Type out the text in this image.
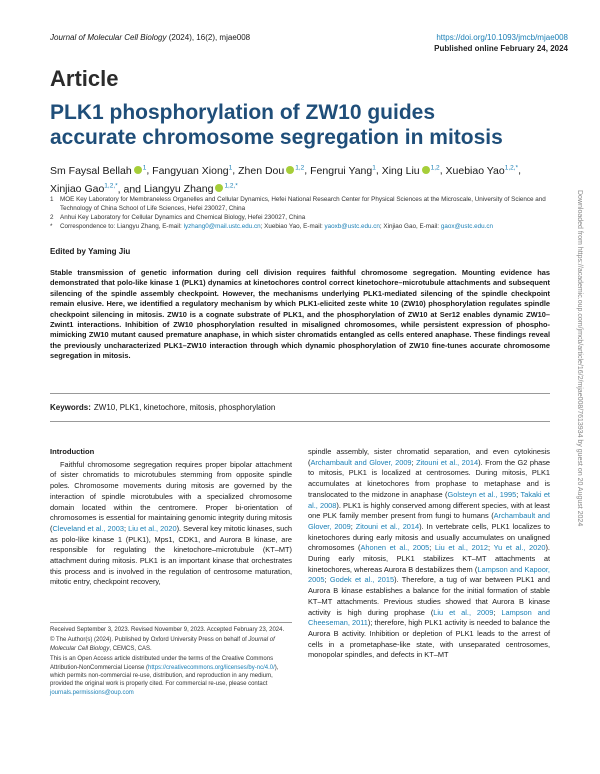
Journal of Molecular Cell Biology (2024), 16(2), mjae008	https://doi.org/10.1093/jmcb/mjae008
Published online February 24, 2024
Article
PLK1 phosphorylation of ZW10 guides accurate chromosome segregation in mitosis
Sm Faysal Bellah $^1$, Fangyuan Xiong$^1$, Zhen Dou $^{1,2}$, Fengrui Yang$^1$, Xing Liu $^{1,2}$, Xuebiao Yao$^{1,2,*}$, Xinjiao Gao$^{1,2,*}$, and Liangyu Zhang $^{1,2,*}$
1	MOE Key Laboratory for Membraneless Organelles and Cellular Dynamics, Hefei National Research Center for Physical Sciences at the Microscale, University of Science and Technology of China School of Life Sciences, Hefei 230027, China
2	Anhui Key Laboratory for Cellular Dynamics and Chemical Biology, Hefei 230027, China
*	Correspondence to: Liangyu Zhang, E-mail: lyzhang0@mail.ustc.edu.cn; Xuebiao Yao, E-mail: yaoxb@ustc.edu.cn; Xinjiao Gao, E-mail: gaox@ustc.edu.cn
Edited by Yaming Jiu

Stable transmission of genetic information during cell division requires faithful chromosome segregation. Mounting evidence has demonstrated that polo-like kinase 1 (PLK1) dynamics at kinetochores control correct kinetochore–microtubule attachments and subsequent silencing of the spindle assembly checkpoint. However, the mechanisms underlying PLK1-mediated silencing of the spindle checkpoint remain elusive. Here, we identified a regulatory mechanism by which PLK1-elicited zeste white 10 (ZW10) phosphorylation regulates spindle checkpoint silencing in mitosis. ZW10 is a cognate substrate of PLK1, and the phosphorylation of ZW10 at Ser12 enables dynamic ZW10–Zwint1 interactions. Inhibition of ZW10 phosphorylation resulted in misaligned chromosomes, while persistent expression of phospho-mimicking ZW10 mutant caused premature anaphase, in which sister chromatids entangled as cells entered anaphase. These findings reveal the previously uncharacterized PLK1–ZW10 interaction through which dynamic phosphorylation of ZW10 fine-tunes accurate chromosome segregation in mitosis.

Keywords: ZW10, PLK1, kinetochore, mitosis, phosphorylation
Introduction

Faithful chromosome segregation requires proper bipolar attachment of sister chromatids to microtubules stemming from opposite spindle poles. Chromosome movements during mitosis are governed by the interaction of spindle microtubules with a specialized chromosome domain located within the centromere. Proper bi-orientation of chromosomes is essential for maintaining genomic integrity during mitosis (Cleveland et al., 2003; Liu et al., 2020). Several key mitotic kinases, such as polo-like kinase 1 (PLK1), Mps1, CDK1, and Aurora B kinase, are responsible for regulating the kinetochore–microtubule (KT–MT) attachment during mitosis. PLK1 is an important kinase that orchestrates this process and is involved in the regulation of centrosome maturation, mitotic entry, checkpoint recovery,

Received September 3, 2023. Revised November 9, 2023. Accepted February 23, 2024.

© The Author(s) (2024). Published by Oxford University Press on behalf of Journal of Molecular Cell Biology, CEMCS, CAS.

This is an Open Access article distributed under the terms of the Creative Commons Attribution-NonCommercial License (https://creativecommons.org/licenses/by-nc/4.0/), which permits non-commercial re-use, distribution, and reproduction in any medium, provided the original work is properly cited. For commercial re-use, please contact journals.permissions@oup.com

spindle assembly, sister chromatid separation, and even cytokinesis (Archambault and Glover, 2009; Zitouni et al., 2014). From the G2 phase to mitosis, PLK1 is localized at centrosomes. During mitosis, PLK1 accumulates at kinetochores from prophase to metaphase and is translocated to the midzone in anaphase (Golsteyn et al., 1995; Takaki et al., 2008). PLK1 is highly conserved among different species, with at least one PLK family member present from fungi to humans (Archambault and Glover, 2009; Zitouni et al., 2014). In vertebrate cells, PLK1 localizes to kinetochores during early mitosis and usually accumulates on unaligned chromosomes (Ahonen et al., 2005; Liu et al., 2012; Yu et al., 2020). During early mitosis, PLK1 stabilizes KT–MT attachments at kinetochores, whereas Aurora B destabilizes them (Lampson and Kapoor, 2005; Godek et al., 2015). Therefore, a tug of war between PLK1 and Aurora B kinase establishes a balance for the initial formation of stable KT–MT attachments. Previous studies showed that Aurora B kinase activity is high during prophase (Liu et al., 2009; Lampson and Cheeseman, 2011); therefore, high PLK1 activity is needed to balance the Aurora B activity. Inhibition or depletion of PLK1 leads to the arrest of cells in a prometaphase-like state, with unseparated centrosomes, monopolar spindles, and defects in KT–MT

Downloaded from https://academic.oup.com/jmcb/article/16/2/mjae008/7613934 by guest on 20 August 2024
